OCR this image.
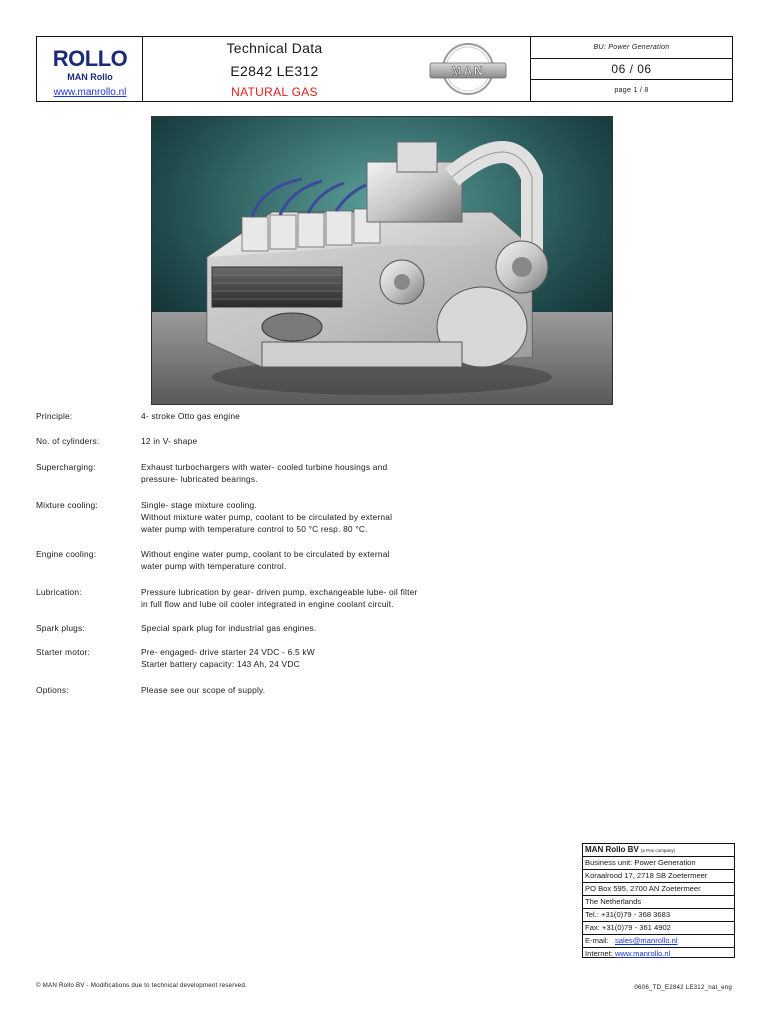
ROLLO
MAN Rollo
www.manrollo.nl
Technical Data
E2842 LE312
NATURAL GAS
MAN
BU: Power Generation
06 / 06
page 1 / 8
Principle:	4- stroke Otto gas engine
No. of cylinders:	12 in V- shape
Supercharging:	Exhaust turbochargers with water- cooled turbine housings and
pressure- lubricated bearings.
Mixture cooling:	Single- stage mixture cooling.
Without mixture water pump, coolant to be circulated by external
water pump with temperature control to 50 °C resp. 80 °C.
Engine cooling:	Without engine water pump, coolant to be circulated by external
water pump with temperature control.
Lubrication:	Pressure lubrication by gear- driven pump, exchangeable lube- oil filter
in full flow and lube oil cooler integrated in engine coolant circuit.
Spark plugs:	Special spark plug for industrial gas engines.
Starter motor:	Pre- engaged- drive starter 24 VDC - 6.5 kW
Starter battery capacity: 143 Ah, 24 VDC
Options:	Please see our scope of supply.
MAN Rollo BV (a Pon company)
Business unit: Power Generation
Koraalrood 17, 2718 SB Zoetermeer
PO Box 595, 2700 AN Zoetermeer
The Netherlands
Tel.: +31(0)79 - 368 3683
Fax: +31(0)79 - 361 4902
E-mail: sales@manrollo.nl
Internet: www.manrollo.nl
© MAN Rollo BV - Modifications due to technical development reserved.	0606_TD_E2842 LE312_nat_eng
